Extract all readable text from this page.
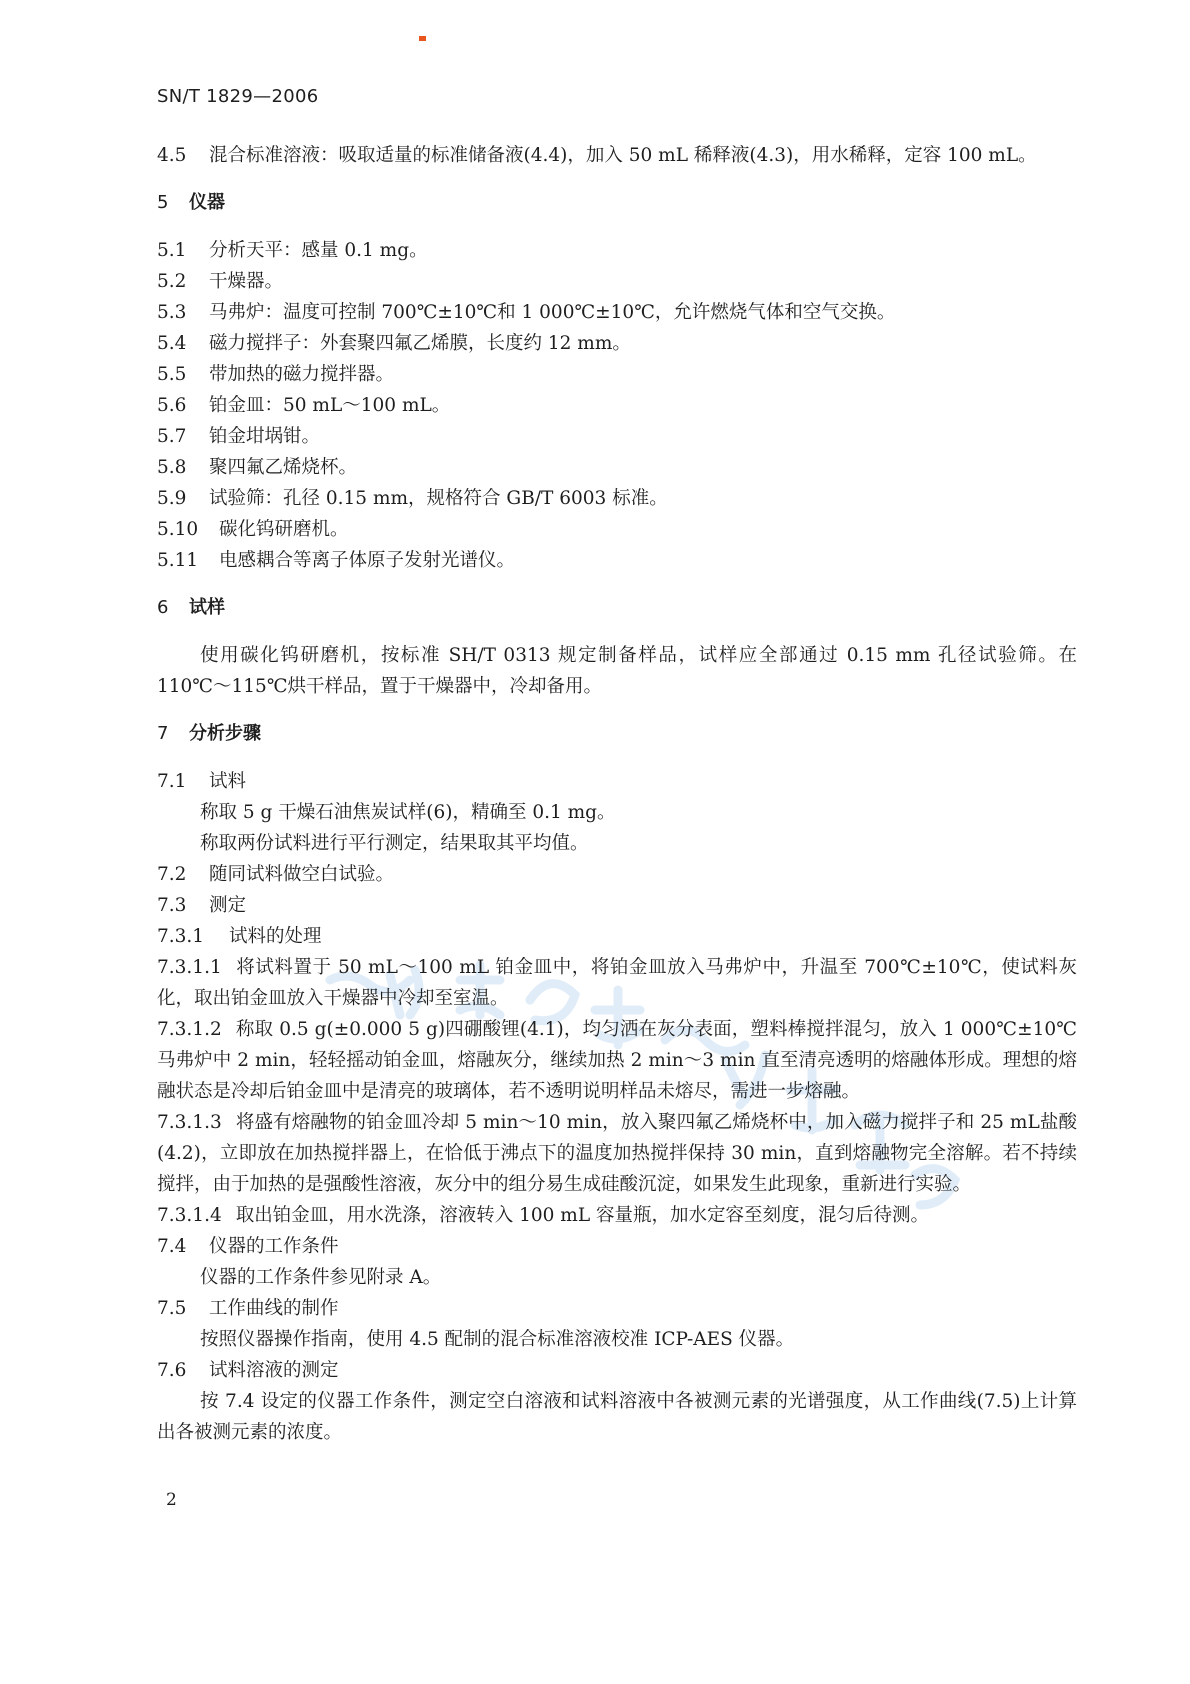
SN/T 1829—2006
4.5 混合标准溶液：吸取适量的标准储备液(4.4)，加入 50 mL 稀释液(4.3)，用水稀释，定容 100 mL。
5 仪器
5.1 分析天平：感量 0.1 mg。
5.2 干燥器。
5.3 马弗炉：温度可控制 700℃±10℃和 1 000℃±10℃，允许燃烧气体和空气交换。
5.4 磁力搅拌子：外套聚四氟乙烯膜，长度约 12 mm。
5.5 带加热的磁力搅拌器。
5.6 铂金皿：50 mL～100 mL。
5.7 铂金坩埚钳。
5.8 聚四氟乙烯烧杯。
5.9 试验筛：孔径 0.15 mm，规格符合 GB/T 6003 标准。
5.10 碳化钨研磨机。
5.11 电感耦合等离子体原子发射光谱仪。
6 试样
使用碳化钨研磨机，按标准 SH/T 0313 规定制备样品，试样应全部通过 0.15 mm 孔径试验筛。在 110℃～115℃烘干样品，置于干燥器中，冷却备用。
7 分析步骤
7.1 试料
称取 5 g 干燥石油焦炭试样(6)，精确至 0.1 mg。
称取两份试料进行平行测定，结果取其平均值。
7.2 随同试料做空白试验。
7.3 测定
7.3.1 试料的处理
7.3.1.1 将试料置于 50 mL～100 mL 铂金皿中，将铂金皿放入马弗炉中，升温至 700℃±10℃，使试料灰化，取出铂金皿放入干燥器中冷却至室温。
7.3.1.2 称取 0.5 g(±0.000 5 g)四硼酸锂(4.1)，均匀洒在灰分表面，塑料棒搅拌混匀，放入 1 000℃±10℃马弗炉中 2 min，轻轻摇动铂金皿，熔融灰分，继续加热 2 min～3 min 直至清亮透明的熔融体形成。理想的熔融状态是冷却后铂金皿中是清亮的玻璃体，若不透明说明样品未熔尽，需进一步熔融。
7.3.1.3 将盛有熔融物的铂金皿冷却 5 min～10 min，放入聚四氟乙烯烧杯中，加入磁力搅拌子和 25 mL盐酸(4.2)，立即放在加热搅拌器上，在恰低于沸点下的温度加热搅拌保持 30 min，直到熔融物完全溶解。若不持续搅拌，由于加热的是强酸性溶液，灰分中的组分易生成硅酸沉淀，如果发生此现象，重新进行实验。
7.3.1.4 取出铂金皿，用水洗涤，溶液转入 100 mL 容量瓶，加水定容至刻度，混匀后待测。
7.4 仪器的工作条件
仪器的工作条件参见附录 A。
7.5 工作曲线的制作
按照仪器操作指南，使用 4.5 配制的混合标准溶液校准 ICP-AES 仪器。
7.6 试料溶液的测定
按 7.4 设定的仪器工作条件，测定空白溶液和试料溶液中各被测元素的光谱强度，从工作曲线(7.5)上计算出各被测元素的浓度。
2
